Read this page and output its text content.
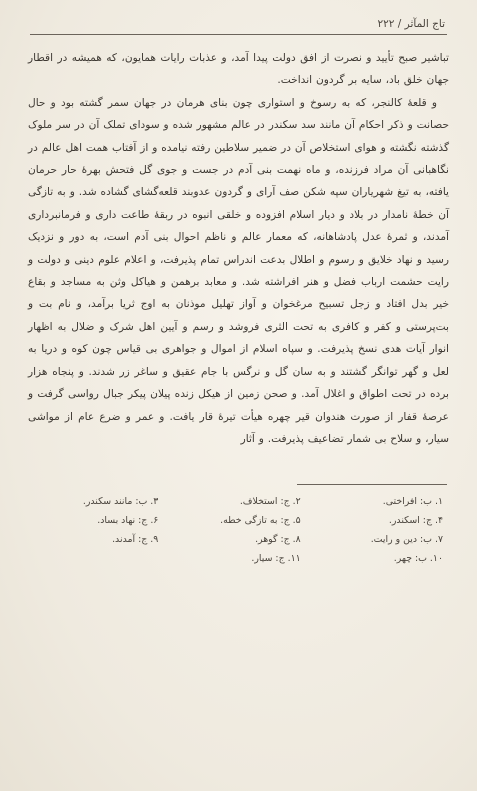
تاج المآثر / ۲۲۲

تباشیر صبح تأیید و نصرت از افق دولت پیدا آمد، و عذبات رایات همایون، که همیشه در اقطار جهان خلق باد، سایه بر گردون انداخت.

و قلعهٔ کالنجر، که به رسوخ و استواری چون بنای هرمان در جهان سمر گشته بود و حال حصانت و ذکر احکام آن مانند سد سکندر در عالم مشهور شده و سودای تملک آن در سر ملوک گذشته نگشته و هوای استخلاص آن در ضمیر سلاطین رفته نیامده و از آفتاب همت اهل عالم در نگاهبانی آن مراد فرزنده، و ماه نهمت بنی آدم در جست و جوی گل فتحش بهرهٔ حار حرمان یافته، به تیغ شهریاران سپه شکن صف آرای و گردون عدوبند قلعه‌گشای گشاده شد. و به تازگی آن خطهٔ نامدار در بلاد و دیار اسلام افزوده و خلقی انبوه در ربقهٔ طاعت داری و فرمانبرداری آمدند، و ثمرهٔ عدل پادشاهانه، که معمار عالم و ناظم احوال بنی آدم است، به دور و نزدیک رسید و نهاد خلایق و رسوم و اطلال بدعت اندراس تمام پذیرفت، و اعلام علوم دینی و دولت و رایت حشمت ارباب فضل و هنر افراشته شد. و معابد برهمن و هیاکل وثن به مساجد و بقاع خیر بدل افتاد و زجل تسبیح مرغخوان و آواز تهلیل موذنان به اوج ثریا برآمد، و نام بت و بت‌پرستی و کفر و کافری به تحت الثری فروشد و رسم و آیین اهل شرک و ضلال به اظهار انوار آیات هدی نسخ پذیرفت. و سپاه اسلام از اموال و جواهری بی قیاس چون کوه و دریا به لعل و گهر توانگر گشتند و به سان گل و نرگس با جام عقیق و ساغر زر شدند. و پنجاه هزار برده در تحت اطواق و اغلال آمد. و صحن زمین از هیکل زنده پیلان پیکر جبال رواسی گرفت و عرصهٔ قفار از صورت هندوان قیر چهره هیأت تیرهٔ قار یافت. و عمر و ضرع عام از مواشی سیار، و سلاح بی شمار تضاعیف پذیرفت. و آثار

۱. ب: افراختی.
۲. ج: استخلاف.
۳. ب: مانند سکندر.
۴. ج: اسکندر.
۵. ج: به تازگی خطه.
۶. ج: نهاد بساد.
۷. ب: دین و رایت.
۸. ج: گوهر.
۹. ج: آمدند.
۱۰. ب: چهر.
۱۱. ج: سیار.
